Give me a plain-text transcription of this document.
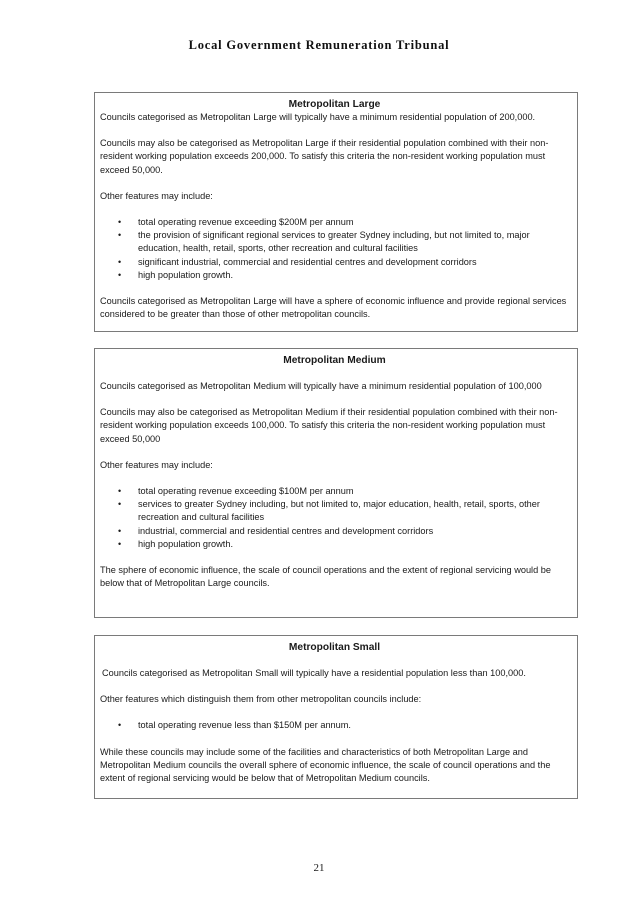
Local Government Remuneration Tribunal
Metropolitan Large

Councils categorised as Metropolitan Large will typically have a minimum residential population of 200,000.

Councils may also be categorised as Metropolitan Large if their residential population combined with their non-resident working population exceeds 200,000. To satisfy this criteria the non-resident working population must exceed 50,000.

Other features may include:

• total operating revenue exceeding $200M per annum
• the provision of significant regional services to greater Sydney including, but not limited to, major education, health, retail, sports, other recreation and cultural facilities
• significant industrial, commercial and residential centres and development corridors
• high population growth.

Councils categorised as Metropolitan Large will have a sphere of economic influence and provide regional services considered to be greater than those of other metropolitan councils.

Metropolitan Medium

Councils categorised as Metropolitan Medium will typically have a minimum residential population of 100,000

Councils may also be categorised as Metropolitan Medium if their residential population combined with their non-resident working population exceeds 100,000. To satisfy this criteria the non-resident working population must exceed 50,000

Other features may include:

• total operating revenue exceeding $100M per annum
• services to greater Sydney including, but not limited to, major education, health, retail, sports, other recreation and cultural facilities
• industrial, commercial and residential centres and development corridors
• high population growth.

The sphere of economic influence, the scale of council operations and the extent of regional servicing would be below that of Metropolitan Large councils.

Metropolitan Small

Councils categorised as Metropolitan Small will typically have a residential population less than 100,000.

Other features which distinguish them from other metropolitan councils include:

• total operating revenue less than $150M per annum.

While these councils may include some of the facilities and characteristics of both Metropolitan Large and Metropolitan Medium councils the overall sphere of economic influence, the scale of council operations and the extent of regional servicing would be below that of Metropolitan Medium councils.

21
